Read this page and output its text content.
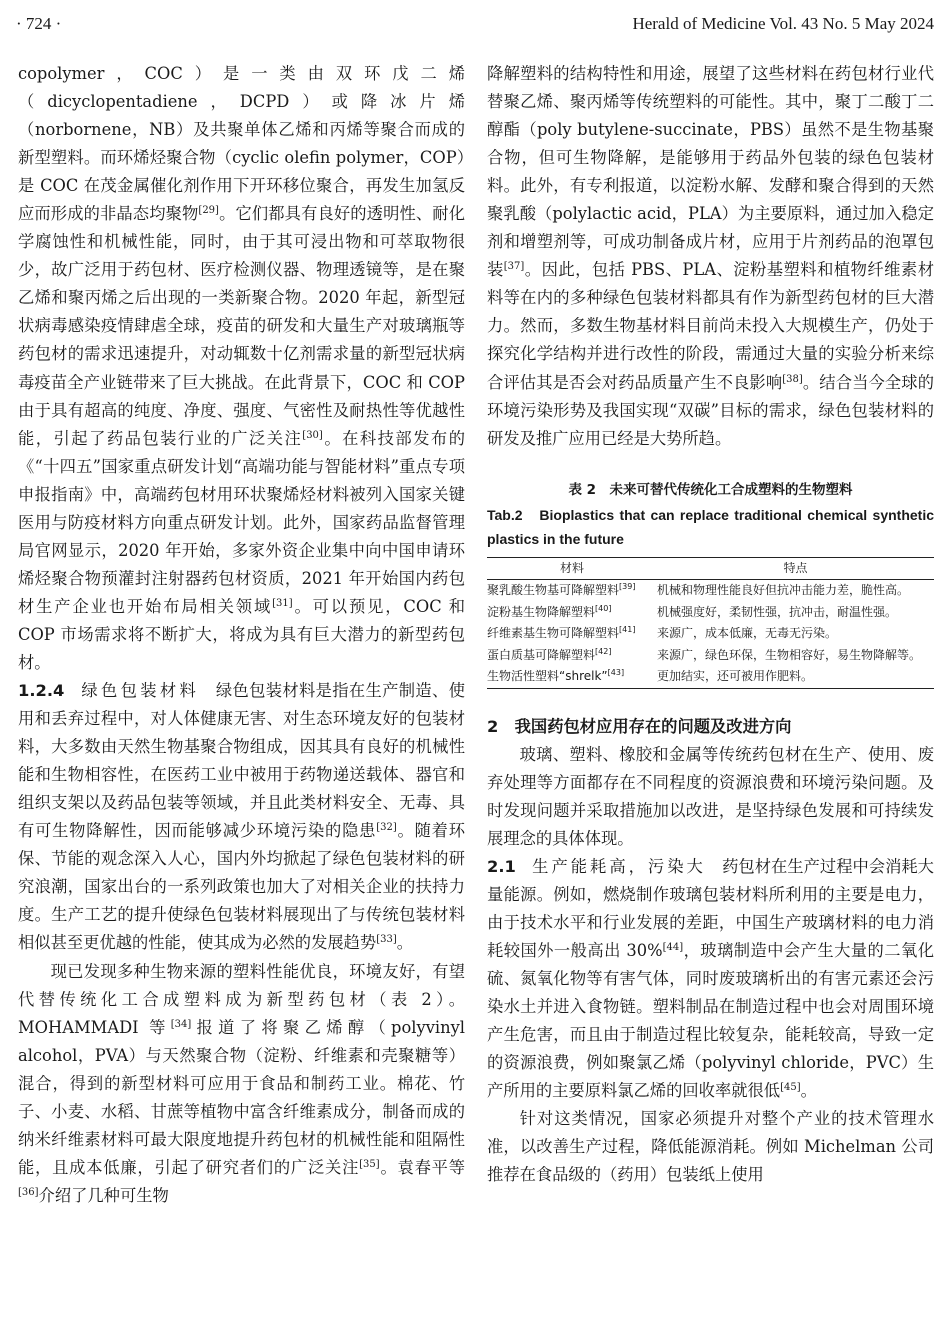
· 724 ·	Herald of Medicine Vol. 43 No. 5 May 2024

copolymer，COC）是一类由双环戊二烯（dicyclopentadiene，DCPD）或降冰片烯（norbornene，NB）及共聚单体乙烯和丙烯等聚合而成的新型塑料。而环烯烃聚合物（cyclic olefin polymer，COP）是 COC 在茂金属催化剂作用下开环移位聚合，再发生加氢反应而形成的非晶态均聚物[29]。它们都具有良好的透明性、耐化学腐蚀性和机械性能，同时，由于其可浸出物和可萃取物很少，故广泛用于药包材、医疗检测仪器、物理透镜等，是在聚乙烯和聚丙烯之后出现的一类新聚合物。2020 年起，新型冠状病毒感染疫情肆虐全球，疫苗的研发和大量生产对玻璃瓶等药包材的需求迅速提升，对动辄数十亿剂需求量的新型冠状病毒疫苗全产业链带来了巨大挑战。在此背景下，COC 和 COP 由于具有超高的纯度、净度、强度、气密性及耐热性等优越性能，引起了药品包装行业的广泛关注[30]。在科技部发布的《“十四五”国家重点研发计划“高端功能与智能材料”重点专项申报指南》中，高端药包材用环状聚烯烃材料被列入国家关键医用与防疫材料方向重点研发计划。此外，国家药品监督管理局官网显示，2020 年开始，多家外资企业集中向中国申请环烯烃聚合物预灌封注射器药包材资质，2021 年开始国内药包材生产企业也开始布局相关领域[31]。可以预见，COC 和 COP 市场需求将不断扩大，将成为具有巨大潜力的新型药包材。

1.2.4　 绿色包装材料　 绿色包装材料是指在生产制造、使用和丢弃过程中，对人体健康无害、对生态环境友好的包装材料，大多数由天然生物基聚合物组成，因其具有良好的机械性能和生物相容性，在医药工业中被用于药物递送载体、器官和组织支架以及药品包装等领域，并且此类材料安全、无毒、具有可生物降解性，因而能够减少环境污染的隐患[32]。随着环保、节能的观念深入人心，国内外均掀起了绿色包装材料的研究浪潮，国家出台的一系列政策也加大了对相关企业的扶持力度。生产工艺的提升使绿色包装材料展现出了与传统包装材料相似甚至更优越的性能，使其成为必然的发展趋势[33]。

现已发现多种生物来源的塑料性能优良，环境友好，有望代替传统化工合成塑料成为新型药包材（表 2）。MOHAMMADI 等[34]报道了将聚乙烯醇（polyvinyl alcohol，PVA）与天然聚合物（淀粉、纤维素和壳聚糖等）混合，得到的新型材料可应用于食品和制药工业。棉花、竹子、小麦、水稻、甘蔗等植物中富含纤维素成分，制备而成的纳米纤维素材料可最大限度地提升药包材的机械性能和阻隔性能，且成本低廉，引起了研究者们的广泛关注[35]。袁春平等[36]介绍了几种可生物

降解塑料的结构特性和用途，展望了这些材料在药包材行业代替聚乙烯、聚丙烯等传统塑料的可能性。其中，聚丁二酸丁二醇酯（poly butylene-succinate，PBS）虽然不是生物基聚合物，但可生物降解，是能够用于药品外包装的绿色包装材料。此外，有专利报道，以淀粉水解、发酵和聚合得到的天然聚乳酸（polylactic acid，PLA）为主要原料，通过加入稳定剂和增塑剂等，可成功制备成片材，应用于片剂药品的泡罩包装[37]。因此，包括 PBS、PLA、淀粉基塑料和植物纤维素材料等在内的多种绿色包装材料都具有作为新型药包材的巨大潜力。然而，多数生物基材料目前尚未投入大规模生产，仍处于探究化学结构并进行改性的阶段，需通过大量的实验分析来综合评估其是否会对药品质量产生不良影响[38]。结合当今全球的环境污染形势及我国实现“双碳”目标的需求，绿色包装材料的研发及推广应用已经是大势所趋。

表 2　未来可替代传统化工合成塑料的生物塑料
Tab.2　Bioplastics that can replace traditional chemical synthetic plastics in the future
材料	特点
聚乳酸生物基可降解塑料[39]	机械和物理性能良好但抗冲击能力差，脆性高。
淀粉基生物降解塑料[40]	机械强度好，柔韧性强，抗冲击，耐温性强。
纤维素基生物可降解塑料[41]	来源广，成本低廉，无毒无污染。
蛋白质基可降解塑料[42]	来源广，绿色环保，生物相容好，易生物降解等。
生物活性塑料“shrelk”[43]	更加结实，还可被用作肥料。

2　 我国药包材应用存在的问题及改进方向

玻璃、塑料、橡胶和金属等传统药包材在生产、使用、废弃处理等方面都存在不同程度的资源浪费和环境污染问题。及时发现问题并采取措施加以改进，是坚持绿色发展和可持续发展理念的具体体现。

2.1　 生产能耗高，污染大　 药包材在生产过程中会消耗大量能源。例如，燃烧制作玻璃包装材料所利用的主要是电力，由于技术水平和行业发展的差距，中国生产玻璃材料的电力消耗较国外一般高出 30%[44]，玻璃制造中会产生大量的二氧化硫、氮氧化物等有害气体，同时废玻璃析出的有害元素还会污染水土并进入食物链。塑料制品在制造过程中也会对周围环境产生危害，而且由于制造过程比较复杂，能耗较高，导致一定的资源浪费，例如聚氯乙烯（polyvinyl chloride，PVC）生产所用的主要原料氯乙烯的回收率就很低[45]。

针对这类情况，国家必须提升对整个产业的技术管理水准，以改善生产过程，降低能源消耗。例如 Michelman 公司推荐在食品级的（药用）包装纸上使用
